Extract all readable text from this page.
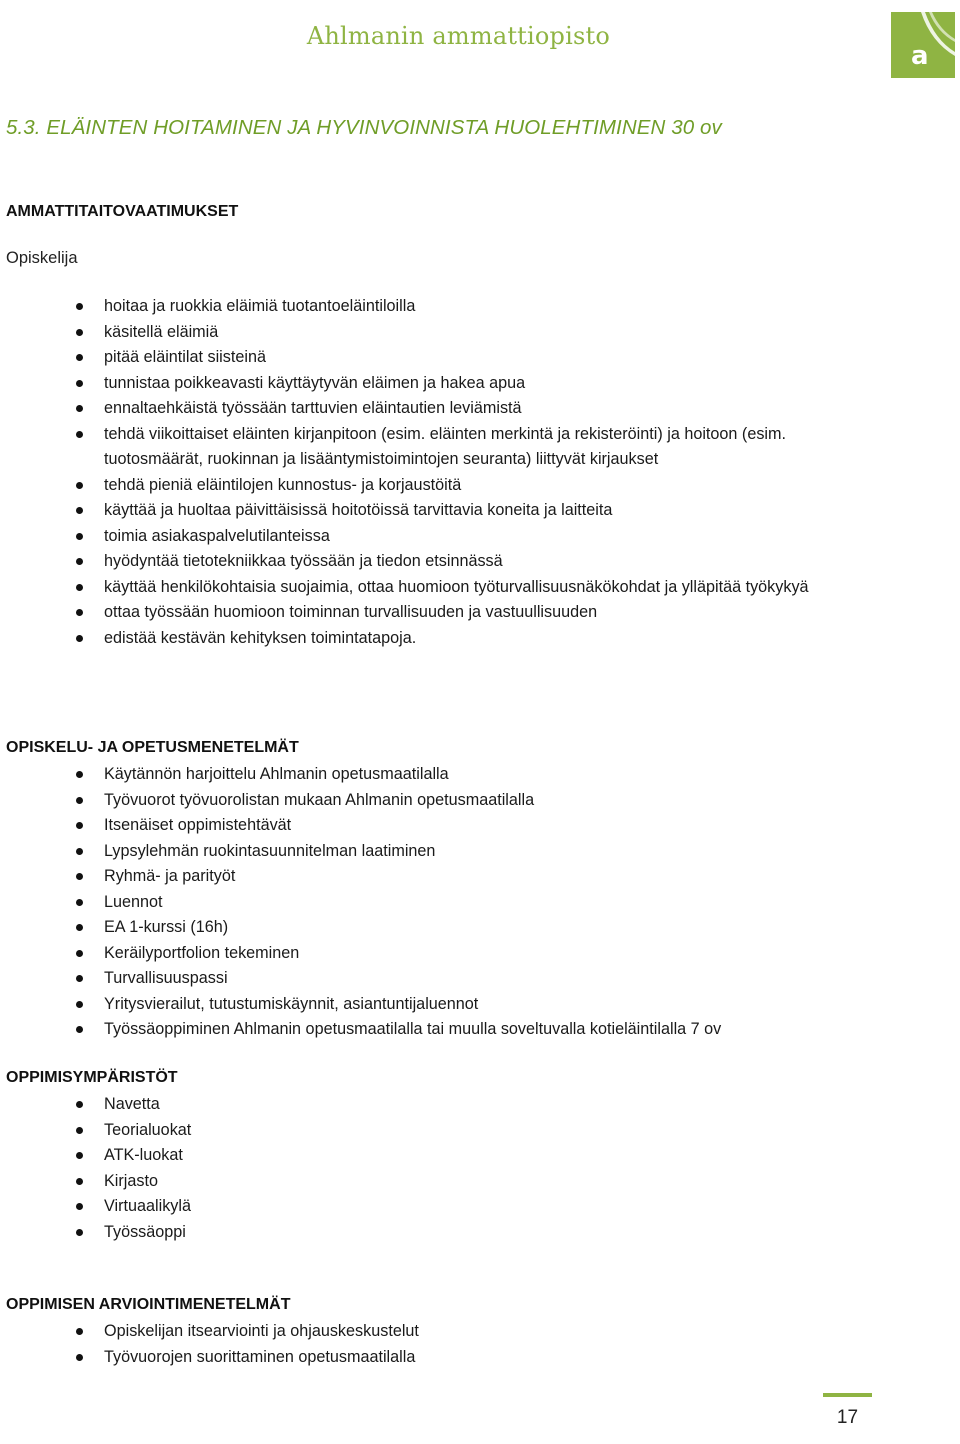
Ahlmanin ammattiopisto
a
5.3. ELÄINTEN HOITAMINEN JA HYVINVOINNISTA HUOLEHTIMINEN 30 ov
AMMATTITAITOVAATIMUKSET
Opiskelija
hoitaa ja ruokkia eläimiä tuotantoeläintiloilla
käsitellä eläimiä
pitää eläintilat siisteinä
tunnistaa poikkeavasti käyttäytyvän eläimen ja hakea apua
ennaltaehkäistä työssään tarttuvien eläintautien leviämistä
tehdä viikoittaiset eläinten kirjanpitoon (esim. eläinten merkintä ja rekisteröinti) ja hoitoon (esim. tuotosmäärät, ruokinnan ja lisääntymistoimintojen seuranta) liittyvät kirjaukset
tehdä pieniä eläintilojen kunnostus- ja korjaustöitä
käyttää ja huoltaa päivittäisissä hoitotöissä tarvittavia koneita ja laitteita
toimia asiakaspalvelutilanteissa
hyödyntää tietotekniikkaa työssään ja tiedon etsinnässä
käyttää henkilökohtaisia suojaimia, ottaa huomioon työturvallisuusnäkökohdat ja ylläpitää työkykyä
ottaa työssään huomioon toiminnan turvallisuuden ja vastuullisuuden
edistää kestävän kehityksen toimintatapoja.
OPISKELU- JA OPETUSMENETELMÄT
Käytännön harjoittelu Ahlmanin opetusmaatilalla
Työvuorot työvuorolistan mukaan Ahlmanin opetusmaatilalla
Itsenäiset oppimistehtävät
Lypsylehmän ruokintasuunnitelman laatiminen
Ryhmä- ja parityöt
Luennot
EA 1-kurssi (16h)
Keräilyportfolion tekeminen
Turvallisuuspassi
Yritysvierailut, tutustumiskäynnit, asiantuntijaluennot
Työssäoppiminen Ahlmanin opetusmaatilalla tai muulla soveltuvalla kotieläintilalla 7 ov
OPPIMISYMPÄRISTÖT
Navetta
Teorialuokat
ATK-luokat
Kirjasto
Virtuaalikylä
Työssäoppi
OPPIMISEN ARVIOINTIMENETELMÄT
Opiskelijan itsearviointi ja ohjauskeskustelut
Työvuorojen suorittaminen opetusmaatilalla
17
